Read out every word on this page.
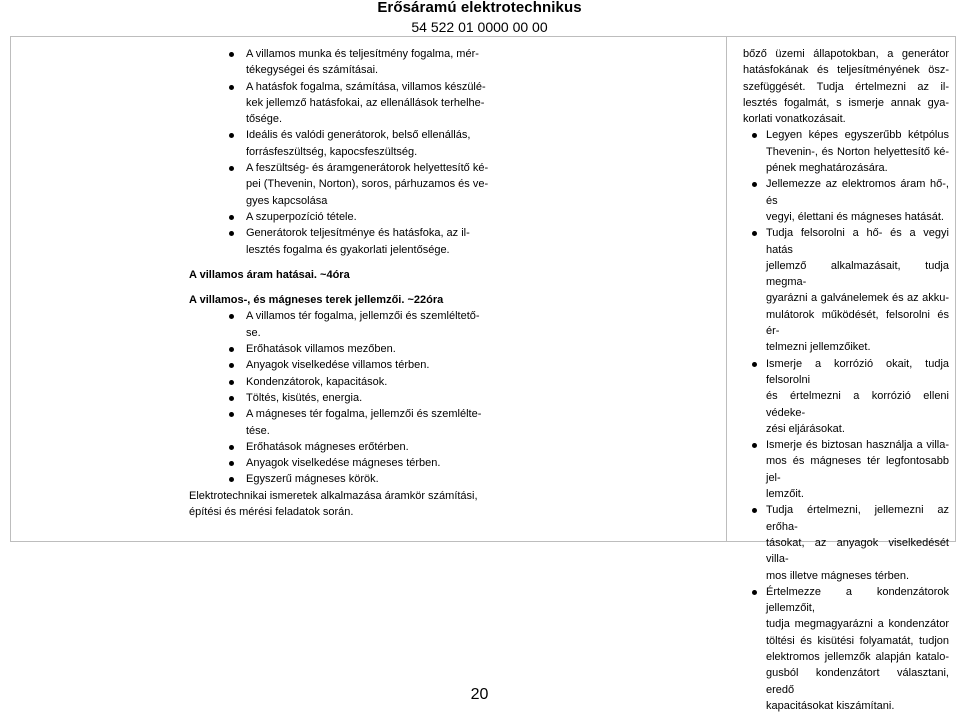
Erősáramú elektrotechnikus
54 522 01 0000 00 00
A villamos munka és teljesítmény fogalma, mér-
tékegységei és számításai.
A hatásfok fogalma, számítása, villamos készülé-
kek jellemző hatásfokai, az ellenállások terhelhe-
tősége.
Ideális és valódi generátorok, belső ellenállás,
forrásfeszültség, kapocsfeszültség.
A feszültség- és áramgenerátorok helyettesítő ké-
pei (Thevenin, Norton), soros, párhuzamos és ve-
gyes kapcsolása
A szuperpozíció tétele.
Generátorok teljesítménye és hatásfoka, az il-
lesztés fogalma és gyakorlati jelentősége.
A villamos áram hatásai. ~4óra
A villamos-, és mágneses terek jellemzői. ~22óra
A villamos tér fogalma, jellemzői és szemléltető-
se.
Erőhatások villamos mezőben.
Anyagok viselkedése villamos térben.
Kondenzátorok, kapacitások.
Töltés, kisütés, energia.
A mágneses tér fogalma, jellemzői és szemlélte-
tése.
Erőhatások mágneses erőtérben.
Anyagok viselkedése mágneses térben.
Egyszerű mágneses körök.
Elektrotechnikai ismeretek alkalmazása áramkör számítási,
építési és mérési feladatok során.
bőző üzemi állapotokban, a generátor
hatásfokának és teljesítményének ösz-
szefüggését. Tudja értelmezni az il-
lesztés fogalmát, s ismerje annak gya-
korlati vonatkozásait.
Legyen képes egyszerűbb kétpólus
Thevenin-, és Norton helyettesítő ké-
pének meghatározására.
Jellemezze az elektromos áram hő-, és
vegyi, élettani és mágneses hatását.
Tudja felsorolni a hő- és a vegyi hatás
jellemző alkalmazásait, tudja megma-
gyarázni a galvánelemek és az akku-
mulátorok működését, felsorolni és ér-
telmezni jellemzőiket.
Ismerje a korrózió okait, tudja felsorolni
és értelmezni a korrózió elleni védeke-
zési eljárásokat.
Ismerje és biztosan használja a villa-
mos és mágneses tér legfontosabb jel-
lemzőit.
Tudja értelmezni, jellemezni az erőha-
tásokat, az anyagok viselkedését villa-
mos illetve mágneses térben.
Értelmezze a kondenzátorok jellemzőit,
tudja megmagyarázni a kondenzátor
töltési és kisütési folyamatát, tudjon
elektromos jellemzők alapján katalo-
gusból kondenzátort választani, eredő
kapacitásokat kiszámítani.
20
